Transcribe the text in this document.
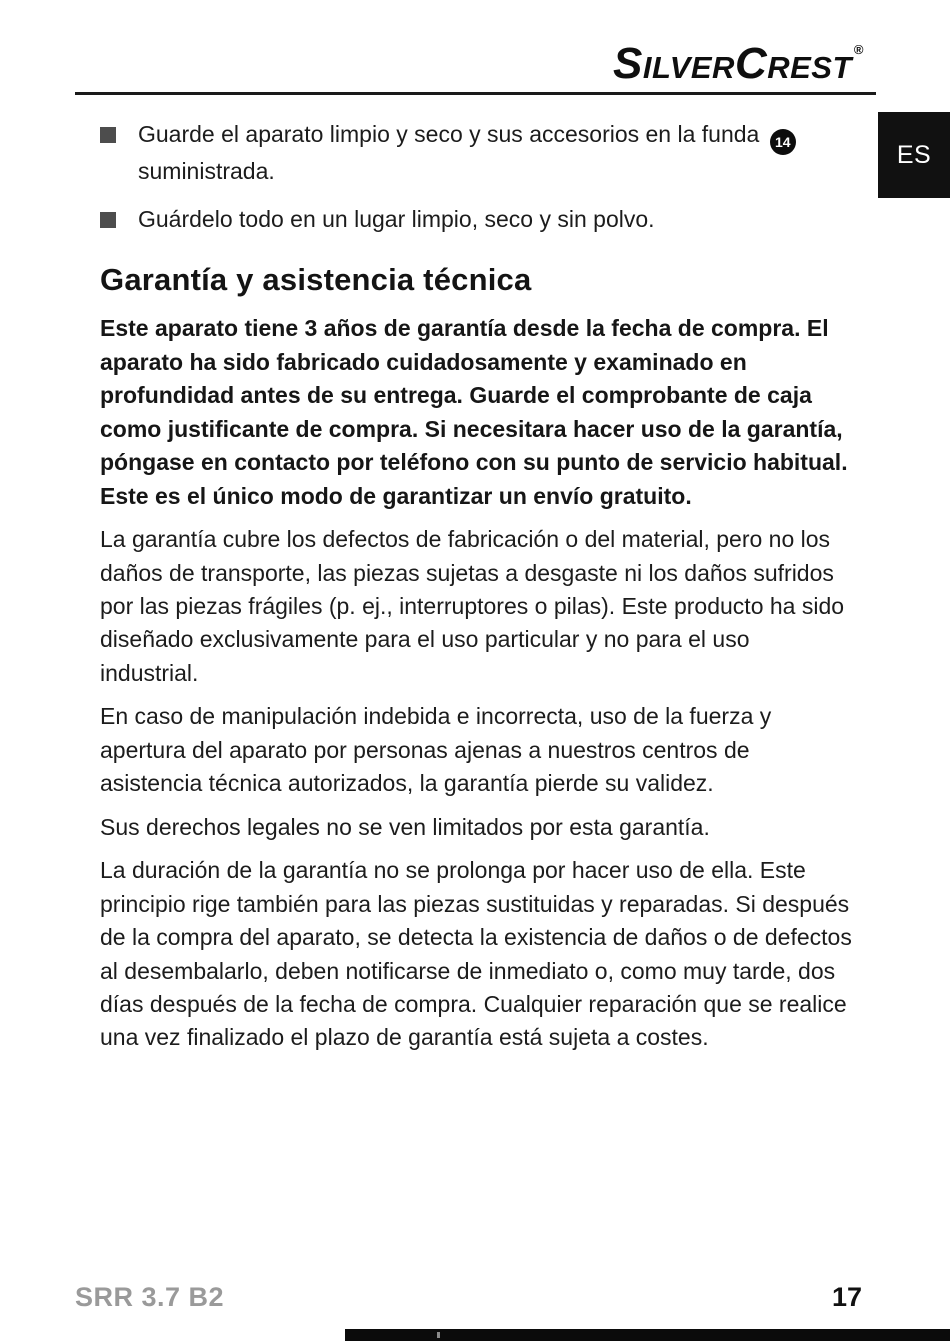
SilverCrest ®
ES
Guarde el aparato limpio y seco y sus accesorios en la funda 14 suministrada.
Guárdelo todo en un lugar limpio, seco y sin polvo.
Garantía y asistencia técnica

Este aparato tiene 3 años de garantía desde la fecha de compra. El aparato ha sido fabricado cuidadosamente y examinado en profundidad antes de su entrega. Guarde el comprobante de caja como justificante de compra. Si necesitara hacer uso de la garantía, póngase en contacto por teléfono con su punto de servicio habitual. Este es el único modo de garantizar un envío gratuito.

La garantía cubre los defectos de fabricación o del material, pero no los daños de transporte, las piezas sujetas a desgaste ni los daños sufridos por las piezas frágiles (p. ej., interruptores o pilas). Este producto ha sido diseñado exclusivamente para el uso particular y no para el uso industrial.

En caso de manipulación indebida e incorrecta, uso de la fuerza y apertura del aparato por personas ajenas a nuestros centros de asistencia técnica autorizados, la garantía pierde su validez.

Sus derechos legales no se ven limitados por esta garantía.

La duración de la garantía no se prolonga por hacer uso de ella. Este principio rige también para las piezas sustituidas y reparadas. Si después de la compra del aparato, se detecta la existencia de daños o de defectos al desembalarlo, deben notificarse de inmediato o, como muy tarde, dos días después de la fecha de compra. Cualquier reparación que se realice una vez finalizado el plazo de garantía está sujeta a costes.

SRR 3.7 B2	17
